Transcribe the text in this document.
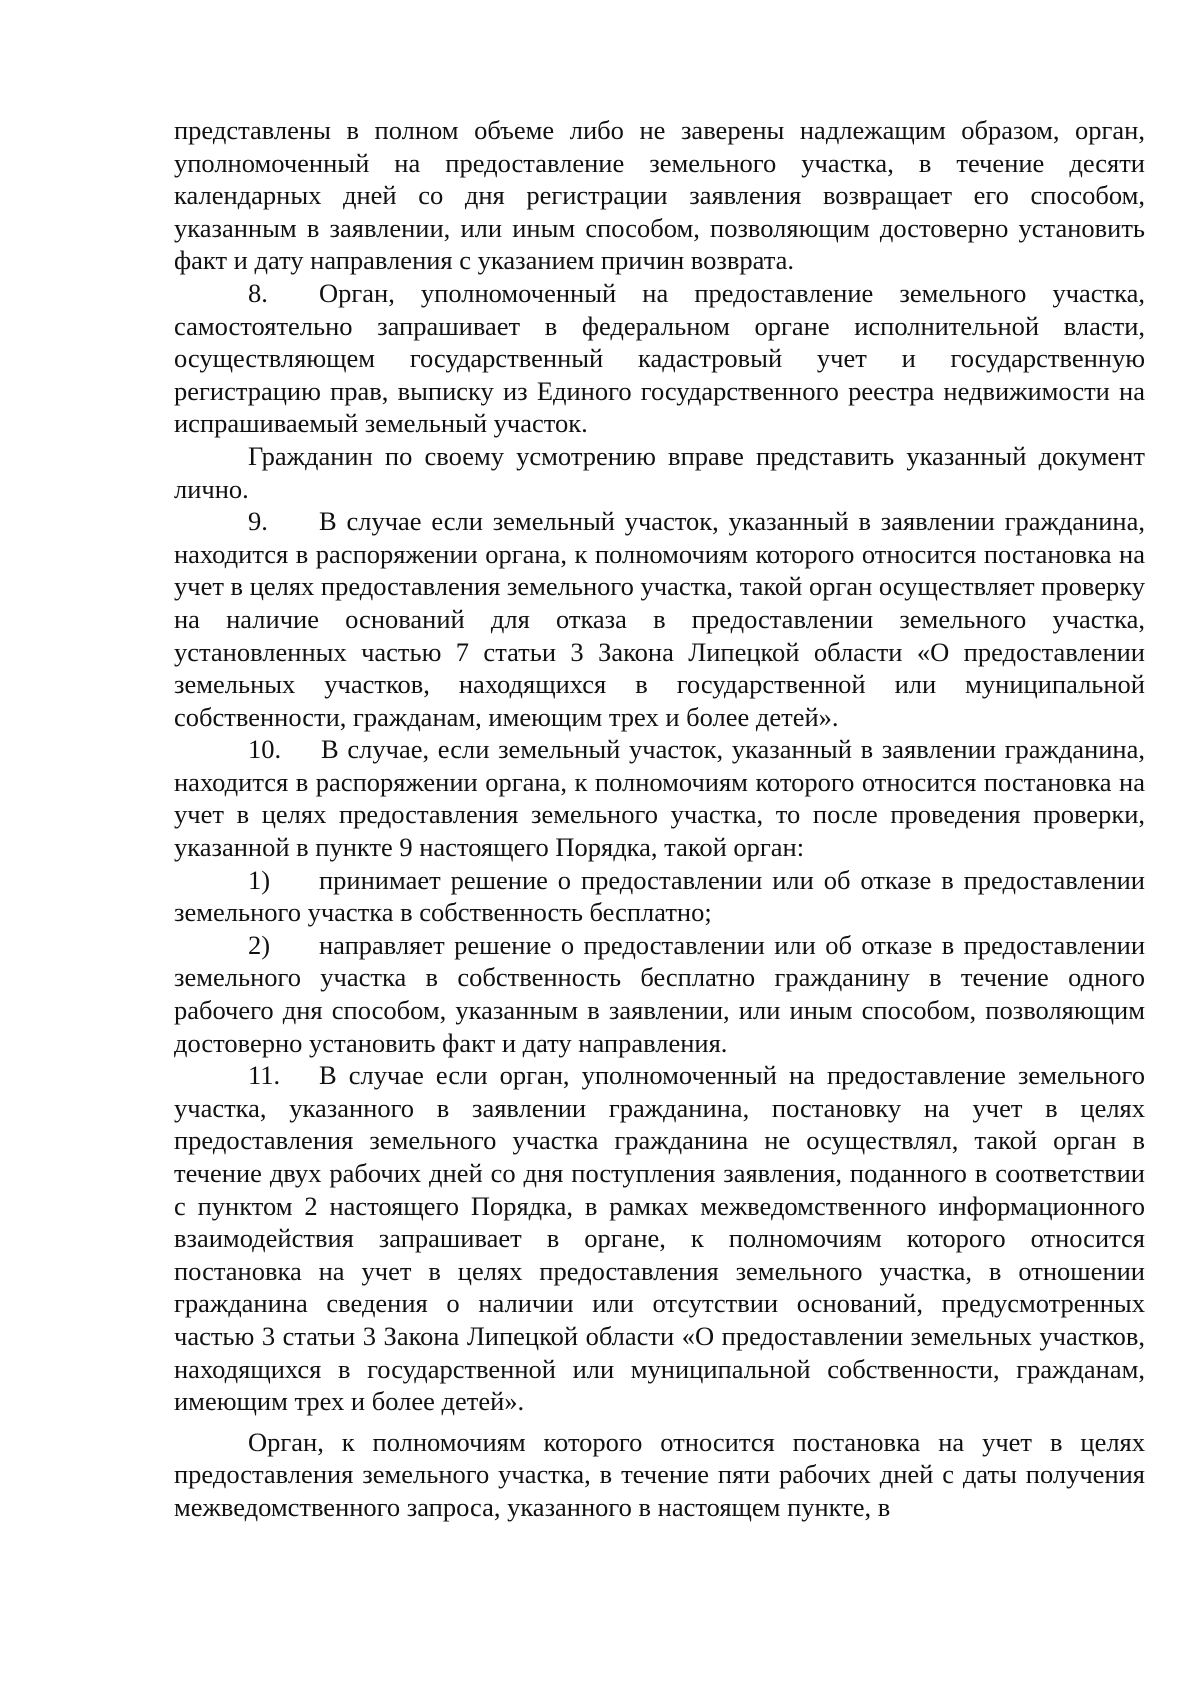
представлены в полном объеме либо не заверены надлежащим образом, орган, уполномоченный на предоставление земельного участка, в течение десяти календарных дней со дня регистрации заявления возвращает его способом, указанным в заявлении, или иным способом, позволяющим достоверно установить факт и дату направления с указанием причин возврата.

8. Орган, уполномоченный на предоставление земельного участка, самостоятельно запрашивает в федеральном органе исполнительной власти, осуществляющем государственный кадастровый учет и государственную регистрацию прав, выписку из Единого государственного реестра недвижимости на испрашиваемый земельный участок.

Гражданин по своему усмотрению вправе представить указанный документ лично.

9. В случае если земельный участок, указанный в заявлении гражданина, находится в распоряжении органа, к полномочиям которого относится постановка на учет в целях предоставления земельного участка, такой орган осуществляет проверку на наличие оснований для отказа в предоставлении земельного участка, установленных частью 7 статьи 3 Закона Липецкой области «О предоставлении земельных участков, находящихся в государственной или муниципальной собственности, гражданам, имеющим трех и более детей».

10. В случае, если земельный участок, указанный в заявлении гражданина, находится в распоряжении органа, к полномочиям которого относится постановка на учет в целях предоставления земельного участка, то после проведения проверки, указанной в пункте 9 настоящего Порядка, такой орган:

1) принимает решение о предоставлении или об отказе в предоставлении земельного участка в собственность бесплатно;

2) направляет решение о предоставлении или об отказе в предоставлении земельного участка в собственность бесплатно гражданину в течение одного рабочего дня способом, указанным в заявлении, или иным способом, позволяющим достоверно установить факт и дату направления.

11. В случае если орган, уполномоченный на предоставление земельного участка, указанного в заявлении гражданина, постановку на учет в целях предоставления земельного участка гражданина не осуществлял, такой орган в течение двух рабочих дней со дня поступления заявления, поданного в соответствии с пунктом 2 настоящего Порядка, в рамках межведомственного информационного взаимодействия запрашивает в органе, к полномочиям которого относится постановка на учет в целях предоставления земельного участка, в отношении гражданина сведения о наличии или отсутствии оснований, предусмотренных частью 3 статьи 3 Закона Липецкой области «О предоставлении земельных участков, находящихся в государственной или муниципальной собственности, гражданам, имеющим трех и более детей».

Орган, к полномочиям которого относится постановка на учет в целях предоставления земельного участка, в течение пяти рабочих дней с даты получения межведомственного запроса, указанного в настоящем пункте, в
